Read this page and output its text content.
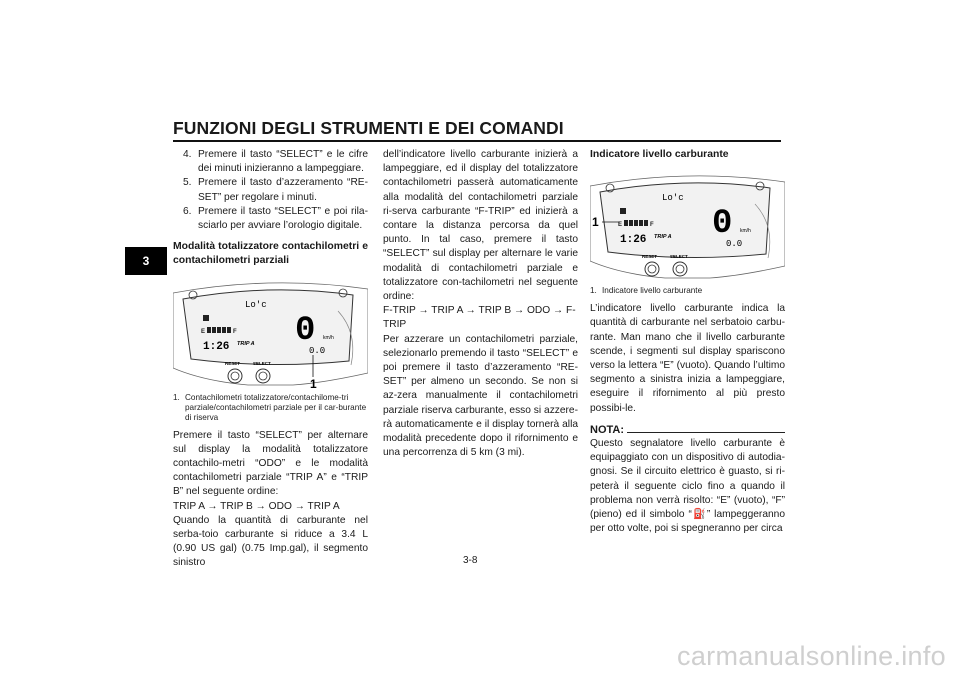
FUNZIONI DEGLI STRUMENTI E DEI COMANDI
3
4. Premere il tasto “SELECT” e le cifre dei minuti inizieranno a lampeggiare.
5. Premere il tasto d’azzeramento “RE-SET” per regolare i minuti.
6. Premere il tasto “SELECT” e poi rila-sciarlo per avviare l’orologio digitale.
Modalità totalizzatore contachilometri e contachilometri parziali
Lo'c
E	F
1:26 TRIP A 0 km/h
0.0
RESET	SELECT
1
1. Contachilometri totalizzatore/contachilome-tri parziale/contachilometri parziale per il car-burante di riserva

Premere il tasto “SELECT” per alternare sul display la modalità totalizzatore contachilo-metri “ODO” e le modalità contachilometri parziale “TRIP A” e “TRIP B” nel seguente ordine:

TRIP A → TRIP B → ODO → TRIP A

Quando la quantità di carburante nel serba-toio carburante si riduce a 3.4 L (0.90 US gal) (0.75 Imp.gal), il segmento sinistro

dell’indicatore livello carburante inizierà a lampeggiare, ed il display del totalizzatore contachilometri passerà automaticamente alla modalità del contachilometri parziale ri-serva carburante “F-TRIP” ed inizierà a contare la distanza percorsa da quel punto. In tal caso, premere il tasto “SELECT” sul display per alternare le varie modalità di contachilometri parziale e totalizzatore con-tachilometri nel seguente ordine:

F-TRIP → TRIP A → TRIP B → ODO → F-TRIP

Per azzerare un contachilometri parziale, selezionarlo premendo il tasto “SELECT” e poi premere il tasto d’azzeramento “RE-SET” per almeno un secondo. Se non si az-zera manualmente il contachilometri parziale riserva carburante, esso si azzere-rà automaticamente e il display tornerà alla modalità precedente dopo il rifornimento e una percorrenza di 5 km (3 mi).

Indicatore livello carburante
Lo'c
E	F
1:26 TRIP A 0 km/h
0.0
RESET	SELECT
1
1. Indicatore livello carburante

L’indicatore livello carburante indica la quantità di carburante nel serbatoio carbu-rante. Man mano che il livello carburante scende, i segmenti sul display spariscono verso la lettera “E” (vuoto). Quando l’ultimo segmento a sinistra inizia a lampeggiare, eseguire il rifornimento al più presto possibi-le.

NOTA:

Questo segnalatore livello carburante è equipaggiato con un dispositivo di autodia-gnosi. Se il circuito elettrico è guasto, si ri-peterà il seguente ciclo fino a quando il problema non verrà risolto: “E” (vuoto), “F” (pieno) ed il simbolo “⛽” lampeggeranno per otto volte, poi si spegneranno per circa

3-8
carmanualsonline.info
